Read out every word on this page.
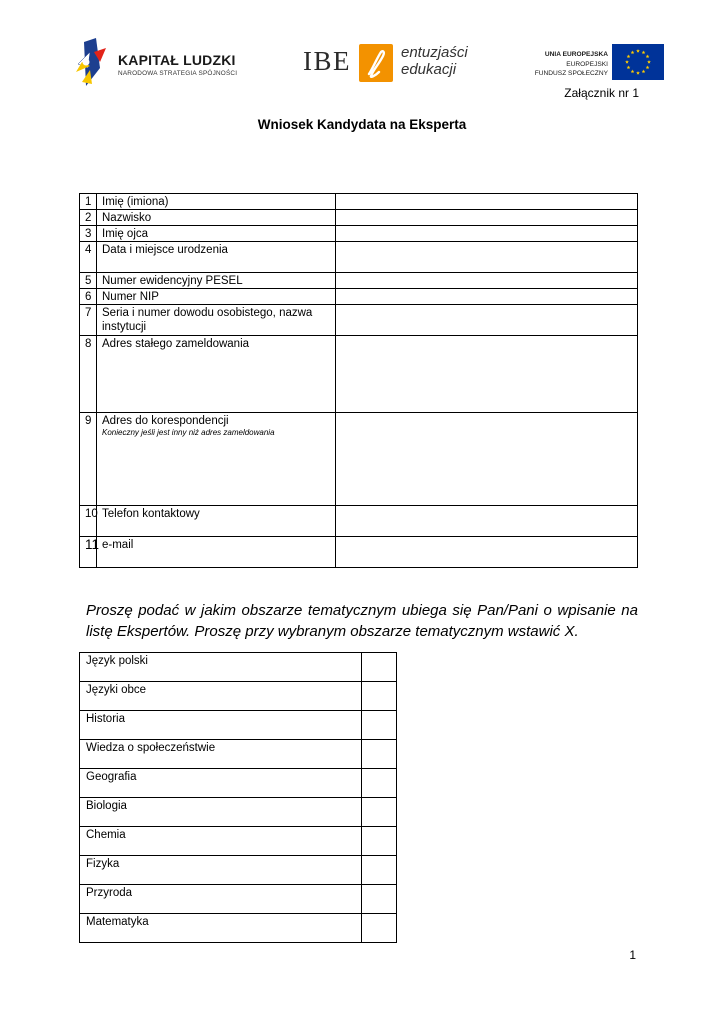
KAPITAŁ LUDZKI
NARODOWA STRATEGIA SPÓJNOŚCI IBE	entuzjaści
edukacji
UNIA EUROPEJSKA
EUROPEJSKI
FUNDUSZ SPOŁECZNY
Załącznik nr 1
Wniosek Kandydata na Eksperta
1	Imię (imiona)	
2	Nazwisko	
3	Imię ojca	
4	Data i miejsce urodzenia	
5	Numer ewidencyjny PESEL	
6	Numer NIP	
7	Seria i numer dowodu osobistego, nazwa instytucji	
8	Adres stałego zameldowania	
9	Adres do korespondencji
Konieczny jeśli jest inny niż adres zameldowania	

10	Telefon kontaktowy	
11	e-mail	
Proszę podać w jakim obszarze tematycznym ubiega się Pan/Pani o wpisanie na listę Ekspertów. Proszę przy wybranym obszarze tematycznym wstawić X.
Język polski	
Języki obce	
Historia	
Wiedza o społeczeństwie	
Geografia	
Biologia	
Chemia	
Fizyka	
Przyroda	
Matematyka	
1
